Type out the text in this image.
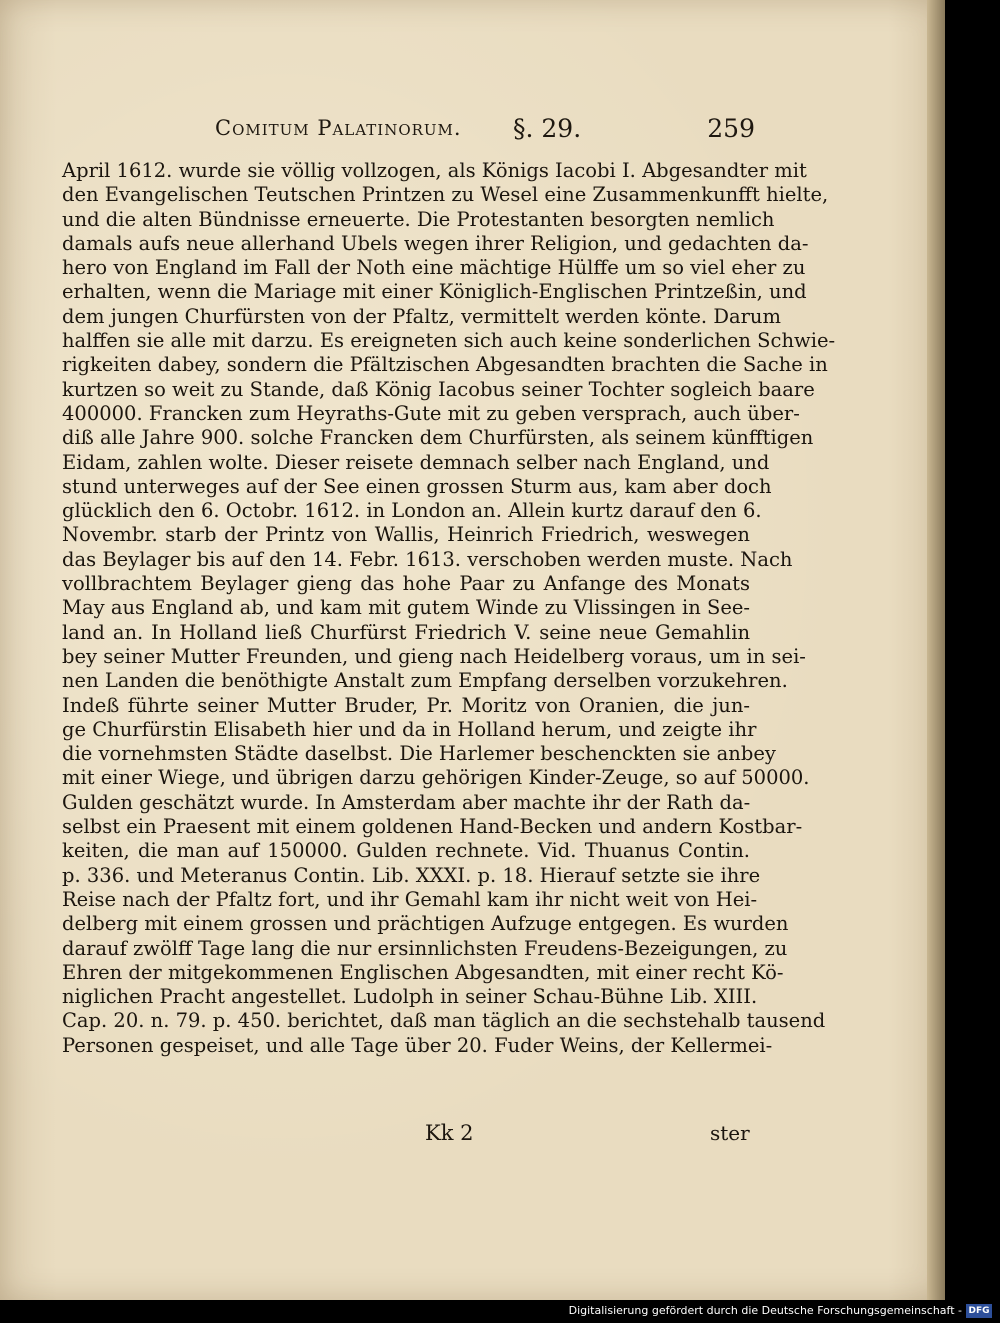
Comitum Palatinorum. §. 29.	259
April 1612. wurde sie völlig vollzogen, als Königs Iacobi I. Abgesandter mit
den Evangelischen Teutschen Printzen zu Wesel eine Zusammenkunfft hielte,
und die alten Bündnisse erneuerte. Die Protestanten besorgten nemlich
damals aufs neue allerhand Ubels wegen ihrer Religion, und gedachten da-
hero von England im Fall der Noth eine mächtige Hülffe um so viel eher zu
erhalten, wenn die Mariage mit einer Königlich-Englischen Printzeßin, und
dem jungen Churfürsten von der Pfaltz, vermittelt werden könte. Darum
halffen sie alle mit darzu. Es ereigneten sich auch keine sonderlichen Schwie-
rigkeiten dabey, sondern die Pfältzischen Abgesandten brachten die Sache in
kurtzen so weit zu Stande, daß König Iacobus seiner Tochter sogleich baare
400000. Francken zum Heyraths-Gute mit zu geben versprach, auch über-
diß alle Jahre 900. solche Francken dem Churfürsten, als seinem künfftigen
Eidam, zahlen wolte. Dieser reisete demnach selber nach England, und
stund unterweges auf der See einen grossen Sturm aus, kam aber doch
glücklich den 6. Octobr. 1612. in London an. Allein kurtz darauf den 6.
Novembr. starb der Printz von Wallis, Heinrich Friedrich, weswegen
das Beylager bis auf den 14. Febr. 1613. verschoben werden muste. Nach
vollbrachtem Beylager gieng das hohe Paar zu Anfange des Monats
May aus England ab, und kam mit gutem Winde zu Vlissingen in See-
land an. In Holland ließ Churfürst Friedrich V. seine neue Gemahlin
bey seiner Mutter Freunden, und gieng nach Heidelberg voraus, um in sei-
nen Landen die benöthigte Anstalt zum Empfang derselben vorzukehren.
Indeß führte seiner Mutter Bruder, Pr. Moritz von Oranien, die jun-
ge Churfürstin Elisabeth hier und da in Holland herum, und zeigte ihr
die vornehmsten Städte daselbst. Die Harlemer beschenckten sie anbey
mit einer Wiege, und übrigen darzu gehörigen Kinder-Zeuge, so auf 50000.
Gulden geschätzt wurde. In Amsterdam aber machte ihr der Rath da-
selbst ein Praesent mit einem goldenen Hand-Becken und andern Kostbar-
keiten, die man auf 150000. Gulden rechnete. Vid. Thuanus Contin.
p. 336. und Meteranus Contin. Lib. XXXI. p. 18. Hierauf setzte sie ihre
Reise nach der Pfaltz fort, und ihr Gemahl kam ihr nicht weit von Hei-
delberg mit einem grossen und prächtigen Aufzuge entgegen. Es wurden
darauf zwölff Tage lang die nur ersinnlichsten Freudens-Bezeigungen, zu
Ehren der mitgekommenen Englischen Abgesandten, mit einer recht Kö-
niglichen Pracht angestellet. Ludolph in seiner Schau-Bühne Lib. XIII.
Cap. 20. n. 79. p. 450. berichtet, daß man täglich an die sechstehalb tausend
Personen gespeiset, und alle Tage über 20. Fuder Weins, der Kellermei-
Kk 2	ster
Digitalisierung gefördert durch die Deutsche Forschungsgemeinschaft - DFG
